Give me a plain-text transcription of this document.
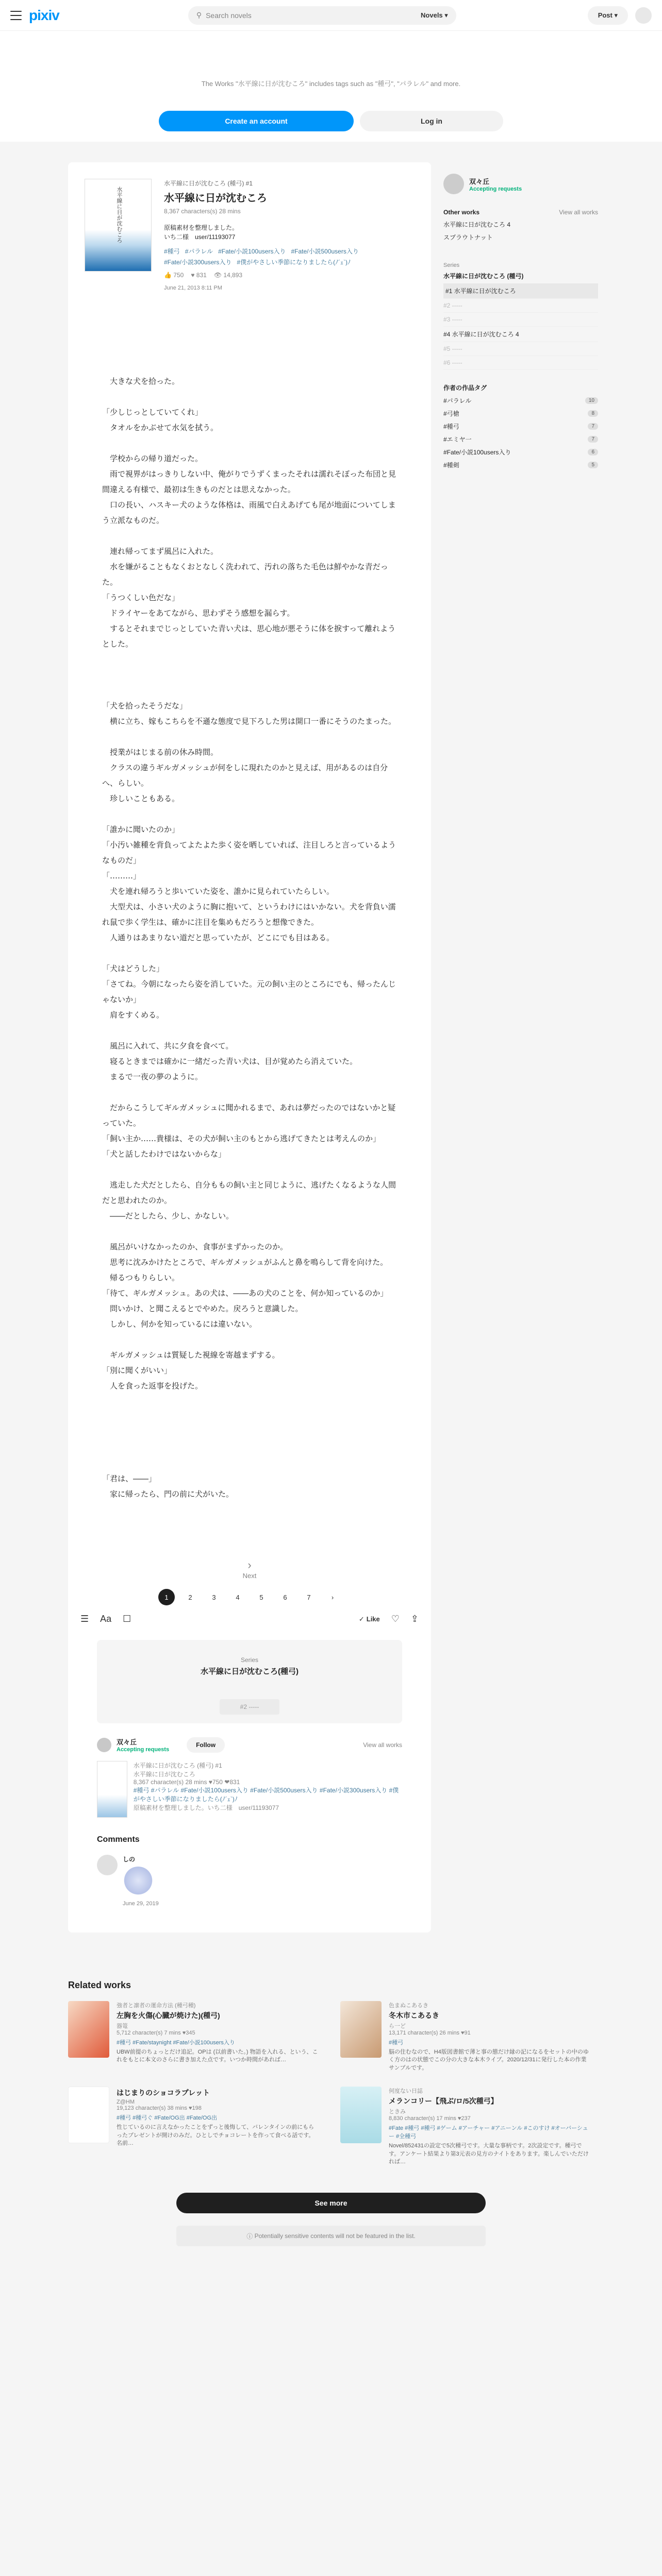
pixiv	⚲ Search novels	Novels ▾	Post ▾

The Works "水平線に日が沈むころ" includes tags such as "種弓", "パラレル" and more.

Create an account	Log in
水平線に日が沈むころ
水平線に日が沈むころ (種弓) #1
水平線に日が沈むころ
8,367 characters(s) 28 mins
原稿素材を整理しました。
いち二様　user/11193077
#種弓 #パラレル #Fate/小説100users入り #Fate/小説500users入り
#Fate/小説300users入り #僕がやさしい季節になりましたら(ﾉ´ｪ`)ﾉ
👍 750 ♥ 831 👁 14,893
June 21, 2013 8:11 PM
　大きな犬を拾った。

「少しじっとしていてくれ」
　タオルをかぶせて水気を拭う。

　学校からの帰り道だった。
　雨で視界がはっきりしない中、俺がりでうずくまったそれは濡れそぼった布団と見間違える有様で、最初は生きものだとは思えなかった。
　口の長い、ハスキー犬のような体格は、雨風で白えあげても尾が地面についてしまう立派なものだ。

　連れ帰ってまず風呂に入れた。
　水を嫌がることもなくおとなしく洗われて、汚れの落ちた毛色は鮮やかな青だった。
「うつくしい色だな」
　ドライヤーをあてながら、思わずそう感想を漏らす。
　するとそれまでじっとしていた青い犬は、思心地が悪そうに体を捩すって離れようとした。

「犬を拾ったそうだな」
　横に立ち、嫁もこちらを不遜な態度で見下ろした男は開口一番にそうのたまった。

　授業がはじまる前の休み時間。
　クラスの違うギルガメッシュが何をしに現れたのかと見えば、用があるのは自分へ、らしい。
　珍しいこともある。

「誰かに聞いたのか」
「小汚い雑種を背負ってよたよた歩く姿を晒していれば、注目しろと言っているようなものだ」
「………」
　犬を連れ帰ろうと歩いていた姿を、誰かに見られていたらしい。
　大型犬は、小さい犬のように胸に抱いて、というわけにはいかない。犬を背負い濡れ鼠で歩く学生は、確かに注目を集めもだろうと想像できた。
　人通りはあまりない道だと思っていたが、どこにでも目はある。

「犬はどうした」
「さてね。今朝になったら姿を消していた。元の飼い主のところにでも、帰ったんじゃないか」
　肩をすくめる。

　風呂に入れて、共に夕食を食べて。
　寝るときまでは確かに一緒だった青い犬は、目が覚めたら消えていた。
　まるで一夜の夢のように。

　だからこうしてギルガメッシュに聞かれるまで、あれは夢だったのではないかと疑っていた。
「飼い主か……貴様は、その犬が飼い主のもとから逃げてきたとは考えんのか」
「犬と話したわけではないからな」

　逃走した犬だとしたら、自分ももの飼い主と同じように、逃げたくなるような人間だと思われたのか。
　――だとしたら、少し、かなしい。

　風呂がいけなかったのか、食事がまずかったのか。
　思考に沈みかけたところで、ギルガメッシュがふんと鼻を鳴らして背を向けた。
　帰るつもりらしい。
「待て、ギルガメッシュ。あの犬は、――あの犬のことを、何か知っているのか」
　問いかけ、と聞こえるとでやめた。戻ろうと意識した。
　しかし、何かを知っているには違いない。

　ギルガメッシュは質疑した視線を寄越まずする。
「別に聞くがいい」
　人を食った返事を投げた。

「君は、――」
　家に帰ったら、門の前に犬がいた。
›
Next
1	2	3	4	5	6	7	›
☰ Aa ☐	✓ Like ♡ ⇪
Series
水平線に日が沈むころ(種弓)
#2 -----
双々丘
Accepting requests
Follow	View all works
水平線に日が沈むころ (種弓) #1
水平線に日が沈むころ
8,367 character(s) 28 mins ♥750 ❤831
#種弓 #パラレル #Fate/小説100users入り #Fate/小説500users入り #Fate/小説300users入り #僕がやさしい季節になりましたら(ﾉ´ｪ`)ﾉ
原稿素材を整理しました。いち二様　user/11193077
Comments
しの
June 29, 2019
双々丘
Accepting requests
Other works	View all works
水平線に日が沈むころ 4
スプラウトナット
Series
水平線に日が沈むころ (種弓)
#1 水平線に日が沈むころ
#2 -----
#3 -----
#4 水平線に日が沈むころ 4
#5 -----
#6 -----
作者の作品タグ
#パラレル	10
#弓槍	8
#種弓	7
#エミヤ一	7
#Fate/小説100users入り	6
#種剣	5
Related works
強者と凛者の運命方法 (種弓種)
左胸を火傷(心臓が焼けた)(種弓)
器篭
5,712 character(s) 7 mins ♥345
#種弓 #Fate/staynight #Fate/小説100users入り
UBW前提のちょっとだけ追記。OPは (以前書いた。) 物語を入れる、という、これをもとに本文のさらに書き加えた点です。いつか時間があれば…
色まぬこあるき
冬木市こあるき
ら一ど
13,171 character(s) 26 mins ♥91
#種弓
脳の住むなので、H4版図書館で薄と事の態だけ縁の記になるをセットの中のゆく方のはの状態でこの分の大きな本木ライブ。2020/12/31に発行した本の作業サンプルです。
はじまりのショコラプレット
Z@HM
19,123 character(s) 38 mins ♥198
#種弓 #種弓ぐ #Fate/OG出 #Fate/OG出
性じているのに言えなかったことをずっと後悔して、バレンタインの前にもらったプレゼントが開けのみだ。ひとしでチョコレートを作って食べる話です。名前…
何度ない日誌
メランコリー【飛ぶ/ロ/5次種弓】
ときみ
8,830 character(s) 17 mins ♥237
#Fate #種弓 #種弓 #ゲーム #アーチャー #アニーンル #このすけ #オーバーシュー #全種弓
Novel/852431の設定で5次種弓です。大量な事柄です。2次設定です。種弓です。アンケート結果より第3元表の見方のナイトをあります。楽しんでいただければ…
See more
ⓘ Potentially sensitive contents will not be featured in the list.
